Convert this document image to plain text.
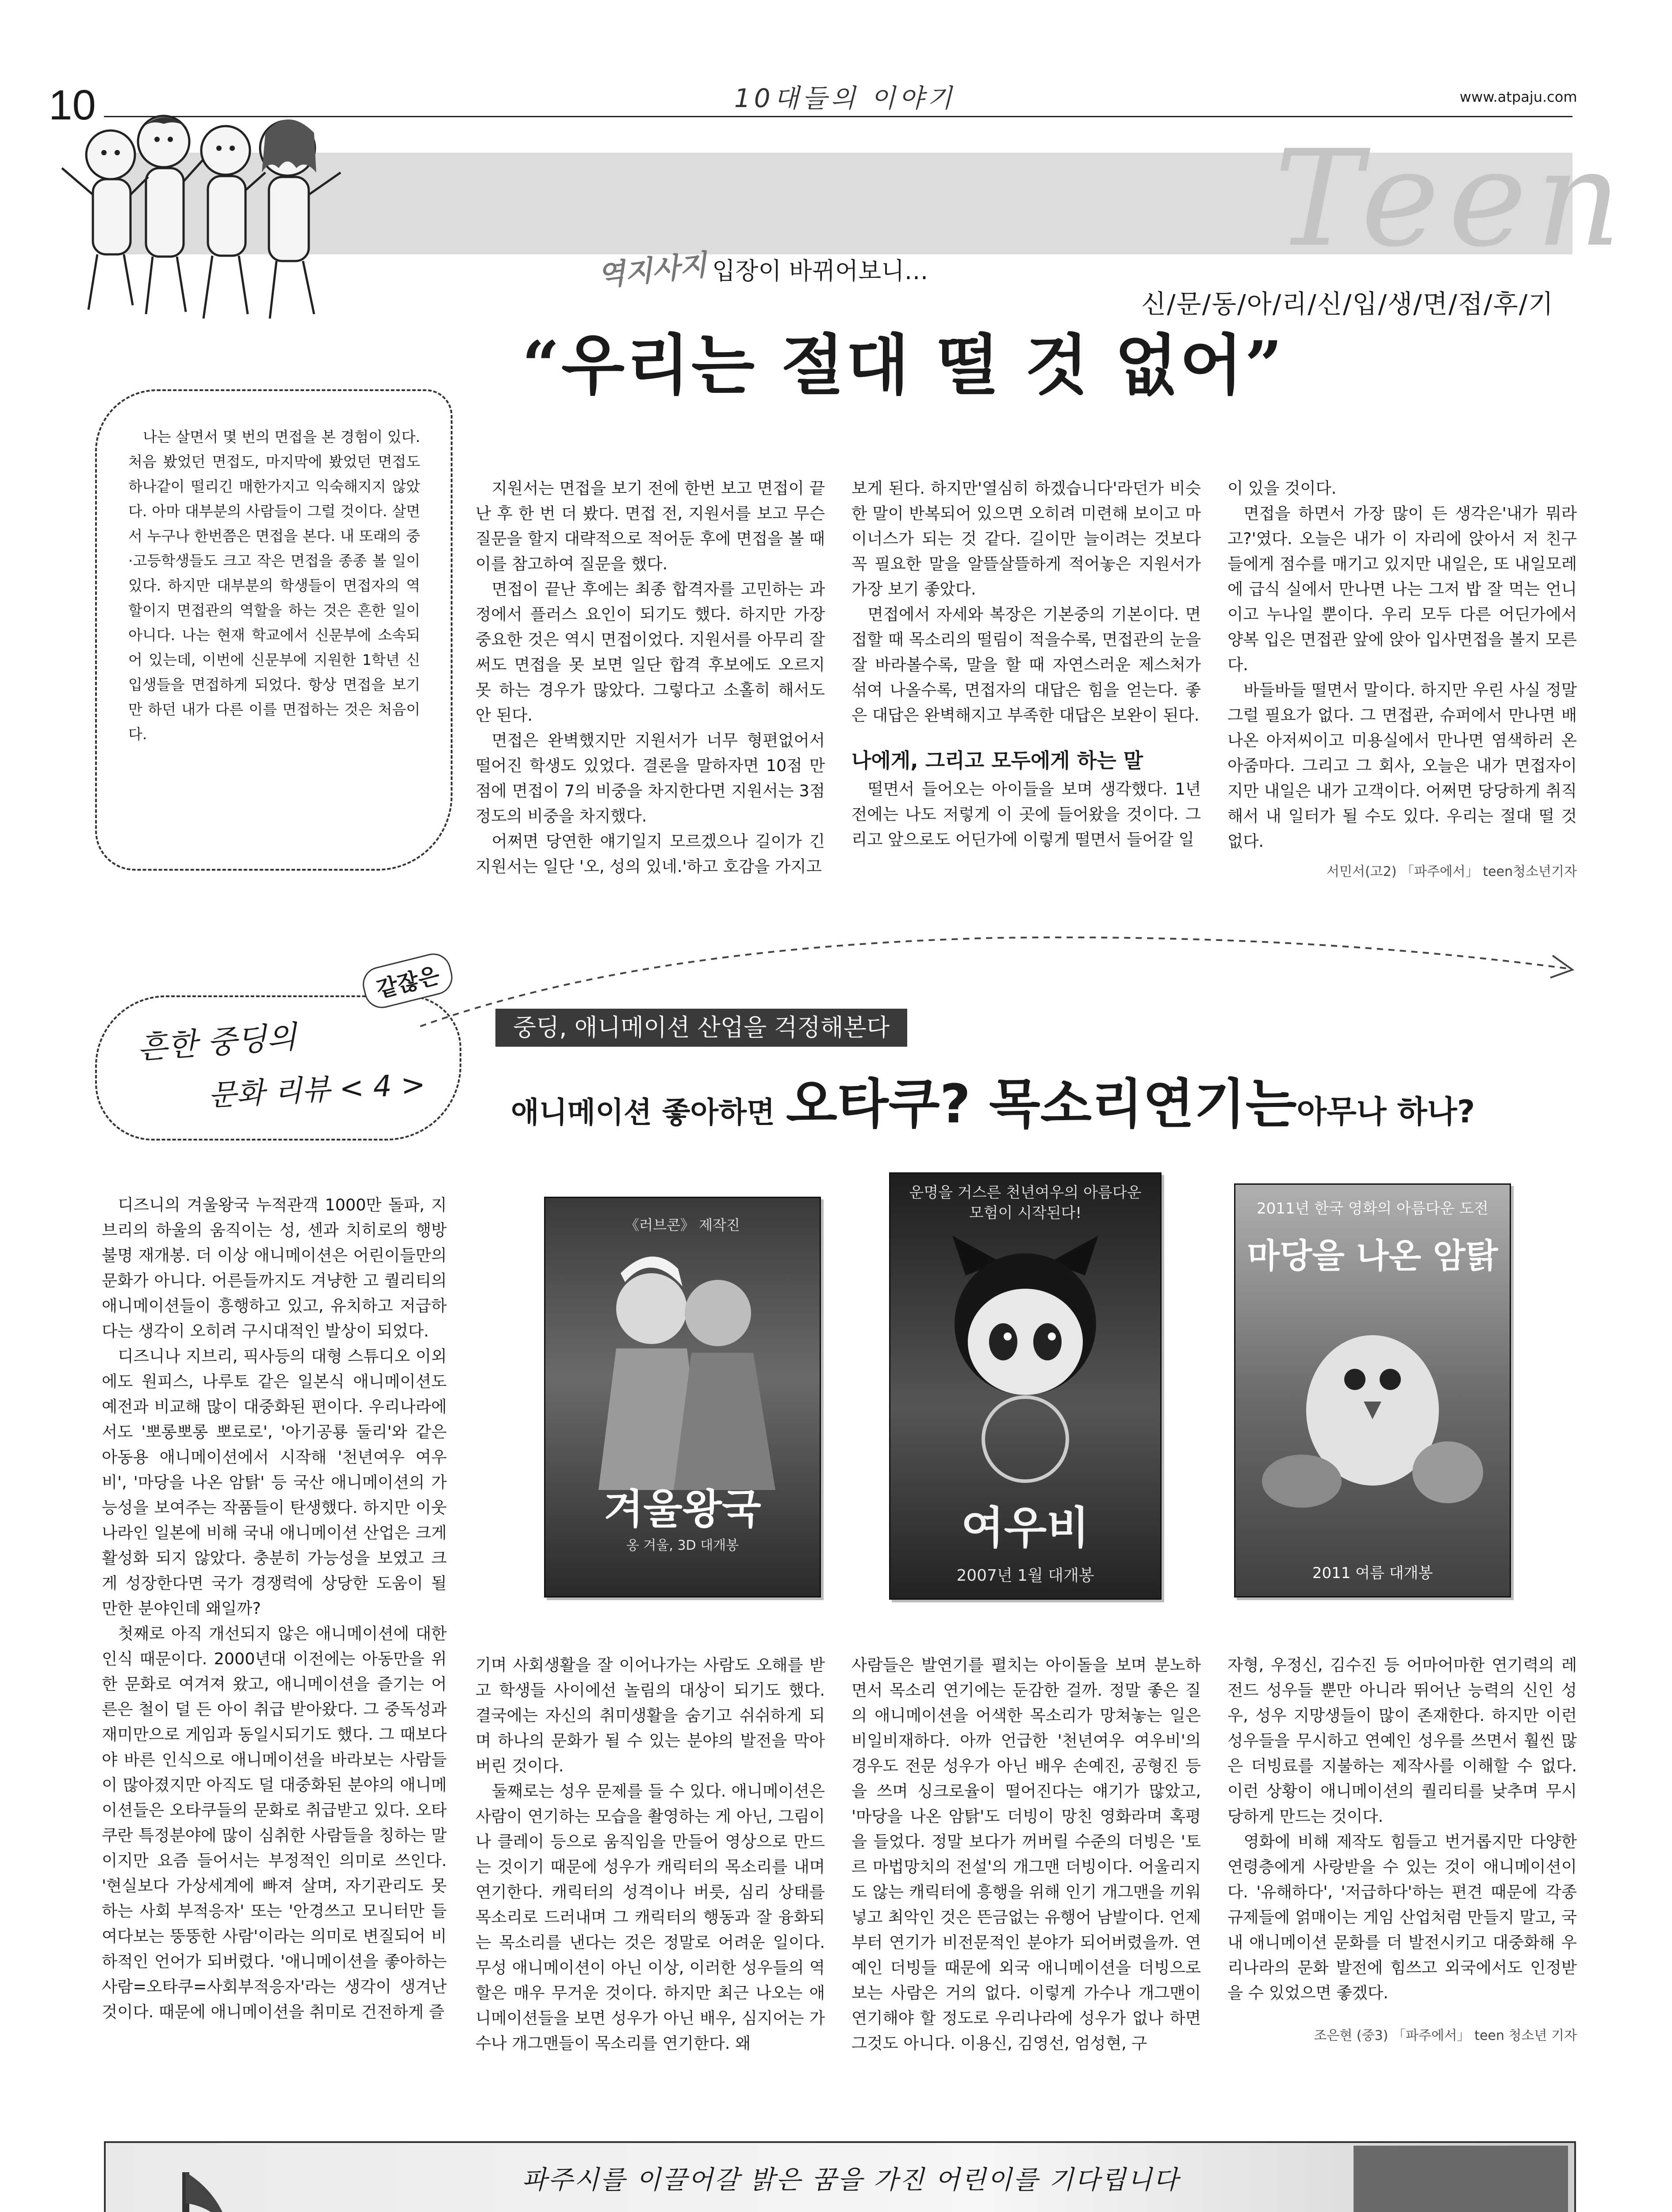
10	10대들의 이야기	www.atpaju.com
Teen
역지사지 입장이 바뀌어보니…
신/문/동/아/리/신/입/생/면/접/후/기
“우리는 절대 떨 것 없어”
나는 살면서 몇 번의 면접을 본 경험이 있다. 처음 봤었던 면접도, 마지막에 봤었던 면접도 하나같이 떨리긴 매한가지고 익숙해지지 않았다. 아마 대부분의 사람들이 그럴 것이다. 살면서 누구나 한번쯤은 면접을 본다. 내 또래의 중·고등학생들도 크고 작은 면접을 종종 볼 일이 있다. 하지만 대부분의 학생들이 면접자의 역할이지 면접관의 역할을 하는 것은 흔한 일이 아니다. 나는 현재 학교에서 신문부에 소속되어 있는데, 이번에 신문부에 지원한 1학년 신입생들을 면접하게 되었다. 항상 면접을 보기만 하던 내가 다른 이를 면접하는 것은 처음이다.

지원서는 면접을 보기 전에 한번 보고 면접이 끝난 후 한 번 더 봤다. 면접 전, 지원서를 보고 무슨 질문을 할지 대략적으로 적어둔 후에 면접을 볼 때 이를 참고하여 질문을 했다.

면접이 끝난 후에는 최종 합격자를 고민하는 과정에서 플러스 요인이 되기도 했다. 하지만 가장 중요한 것은 역시 면접이었다. 지원서를 아무리 잘 써도 면접을 못 보면 일단 합격 후보에도 오르지 못 하는 경우가 많았다. 그렇다고 소홀히 해서도 안 된다.

면접은 완벽했지만 지원서가 너무 형편없어서 떨어진 학생도 있었다. 결론을 말하자면 10점 만점에 면접이 7의 비중을 차지한다면 지원서는 3점 정도의 비중을 차지했다.

어쩌면 당연한 얘기일지 모르겠으나 길이가 긴 지원서는 일단 '오, 성의 있네.'하고 호감을 가지고

보게 된다. 하지만'열심히 하겠습니다'라던가 비슷한 말이 반복되어 있으면 오히려 미련해 보이고 마이너스가 되는 것 같다. 길이만 늘이려는 것보다 꼭 필요한 말을 알뜰살뜰하게 적어놓은 지원서가 가장 보기 좋았다.

면접에서 자세와 복장은 기본중의 기본이다. 면접할 때 목소리의 떨림이 적을수록, 면접관의 눈을 잘 바라볼수록, 말을 할 때 자연스러운 제스처가 섞여 나올수록, 면접자의 대답은 힘을 얻는다. 좋은 대답은 완벽해지고 부족한 대답은 보완이 된다.

나에게, 그리고 모두에게 하는 말

떨면서 들어오는 아이들을 보며 생각했다. 1년 전에는 나도 저렇게 이 곳에 들어왔을 것이다. 그리고 앞으로도 어딘가에 이렇게 떨면서 들어갈 일

이 있을 것이다.

면접을 하면서 가장 많이 든 생각은'내가 뭐라고?'였다. 오늘은 내가 이 자리에 앉아서 저 친구들에게 점수를 매기고 있지만 내일은, 또 내일모레에 급식 실에서 만나면 나는 그저 밥 잘 먹는 언니이고 누나일 뿐이다. 우리 모두 다른 어딘가에서 양복 입은 면접관 앞에 앉아 입사면접을 볼지 모른다.

바들바들 떨면서 말이다. 하지만 우린 사실 정말 그럴 필요가 없다. 그 면접관, 슈퍼에서 만나면 배 나온 아저씨이고 미용실에서 만나면 염색하러 온 아줌마다. 그리고 그 회사, 오늘은 내가 면접자이지만 내일은 내가 고객이다. 어쩌면 당당하게 취직해서 내 일터가 될 수도 있다. 우리는 절대 떨 것 없다.

서민서(고2) 「파주에서」 teen청소년기자
같잖은
흔한 중딩의
문화 리뷰 < 4 >
중딩, 애니메이션 산업을 걱정해본다
애니메이션 좋아하면 오타쿠? 목소리연기는아무나 하나?
《러브콘》 제작진
겨울왕국
옹 겨울, 3D 대개봉
운명을 거스른 천년여우의 아름다운 모험이 시작된다!
여우비
2007년 1월 대개봉
2011년 한국 영화의 아름다운 도전
마당을 나온 암탉
2011 여름 대개봉

디즈니의 겨울왕국 누적관객 1000만 돌파, 지브리의 하울의 움직이는 성, 센과 치히로의 행방불명 재개봉. 더 이상 애니메이션은 어린이들만의 문화가 아니다. 어른들까지도 겨냥한 고 퀄리티의 애니메이션들이 흥행하고 있고, 유치하고 저급하다는 생각이 오히려 구시대적인 발상이 되었다.

디즈니나 지브리, 픽사등의 대형 스튜디오 이외에도 원피스, 나루토 같은 일본식 애니메이션도 예전과 비교해 많이 대중화된 편이다. 우리나라에서도 '뽀롱뽀롱 뽀로로', '아기공룡 둘리'와 같은 아동용 애니메이션에서 시작해 '천년여우 여우비', '마당을 나온 암탉' 등 국산 애니메이션의 가능성을 보여주는 작품들이 탄생했다. 하지만 이웃나라인 일본에 비해 국내 애니메이션 산업은 크게 활성화 되지 않았다. 충분히 가능성을 보였고 크게 성장한다면 국가 경쟁력에 상당한 도움이 될 만한 분야인데 왜일까?

첫째로 아직 개선되지 않은 애니메이션에 대한 인식 때문이다. 2000년대 이전에는 아동만을 위한 문화로 여겨져 왔고, 애니메이션을 즐기는 어른은 철이 덜 든 아이 취급 받아왔다. 그 중독성과 재미만으로 게임과 동일시되기도 했다. 그 때보다야 바른 인식으로 애니메이션을 바라보는 사람들이 많아졌지만 아직도 덜 대중화된 분야의 애니메이션들은 오타쿠들의 문화로 취급받고 있다. 오타쿠란 특정분야에 많이 심취한 사람들을 칭하는 말이지만 요즘 들어서는 부정적인 의미로 쓰인다. '현실보다 가상세계에 빠져 살며, 자기관리도 못하는 사회 부적응자' 또는 '안경쓰고 모니터만 들여다보는 뚱뚱한 사람'이라는 의미로 변질되어 비하적인 언어가 되버렸다. '애니메이션을 좋아하는 사람=오타쿠=사회부적응자'라는 생각이 생겨난 것이다. 때문에 애니메이션을 취미로 건전하게 즐

기며 사회생활을 잘 이어나가는 사람도 오해를 받고 학생들 사이에선 놀림의 대상이 되기도 했다. 결국에는 자신의 취미생활을 숨기고 쉬쉬하게 되며 하나의 문화가 될 수 있는 분야의 발전을 막아버린 것이다.

둘째로는 성우 문제를 들 수 있다. 애니메이션은 사람이 연기하는 모습을 촬영하는 게 아닌, 그림이나 클레이 등으로 움직임을 만들어 영상으로 만드는 것이기 때문에 성우가 캐릭터의 목소리를 내며 연기한다. 캐릭터의 성격이나 버릇, 심리 상태를 목소리로 드러내며 그 캐릭터의 행동과 잘 융화되는 목소리를 낸다는 것은 정말로 어려운 일이다. 무성 애니메이션이 아닌 이상, 이러한 성우들의 역할은 매우 무거운 것이다. 하지만 최근 나오는 애니메이션들을 보면 성우가 아닌 배우, 심지어는 가수나 개그맨들이 목소리를 연기한다. 왜

사람들은 발연기를 펼치는 아이돌을 보며 분노하면서 목소리 연기에는 둔감한 걸까. 정말 좋은 질의 애니메이션을 어색한 목소리가 망쳐놓는 일은 비일비재하다. 아까 언급한 '천년여우 여우비'의 경우도 전문 성우가 아닌 배우 손예진, 공형진 등을 쓰며 싱크로율이 떨어진다는 얘기가 많았고, '마당을 나온 암탉'도 더빙이 망친 영화라며 혹평을 들었다. 정말 보다가 꺼버릴 수준의 더빙은 '토르 마법망치의 전설'의 개그맨 더빙이다. 어울리지도 않는 캐릭터에 흥행을 위해 인기 개그맨을 끼워넣고 최악인 것은 뜬금없는 유행어 남발이다. 언제부터 연기가 비전문적인 분야가 되어버렸을까. 연예인 더빙들 때문에 외국 애니메이션을 더빙으로 보는 사람은 거의 없다. 이렇게 가수나 개그맨이 연기해야 할 정도로 우리나라에 성우가 없나 하면 그것도 아니다. 이용신, 김영선, 엄성현, 구

자형, 우정신, 김수진 등 어마어마한 연기력의 레전드 성우들 뿐만 아니라 뛰어난 능력의 신인 성우, 성우 지망생들이 많이 존재한다. 하지만 이런 성우들을 무시하고 연예인 성우를 쓰면서 훨씬 많은 더빙료를 지불하는 제작사를 이해할 수 없다. 이런 상황이 애니메이션의 퀄리티를 낮추며 무시당하게 만드는 것이다.

영화에 비해 제작도 힘들고 번거롭지만 다양한 연령층에게 사랑받을 수 있는 것이 애니메이션이다. '유해하다', '저급하다'하는 편견 때문에 각종 규제들에 얽매이는 게임 산업처럼 만들지 말고, 국내 애니메이션 문화를 더 발전시키고 대중화해 우리나라의 문화 발전에 힘쓰고 외국에서도 인정받을 수 있었으면 좋겠다.

조은현 (중3) 「파주에서」 teen 청소년 기자
파주시를 이끌어갈 밝은 꿈을 가진 어린이를 기다립니다
